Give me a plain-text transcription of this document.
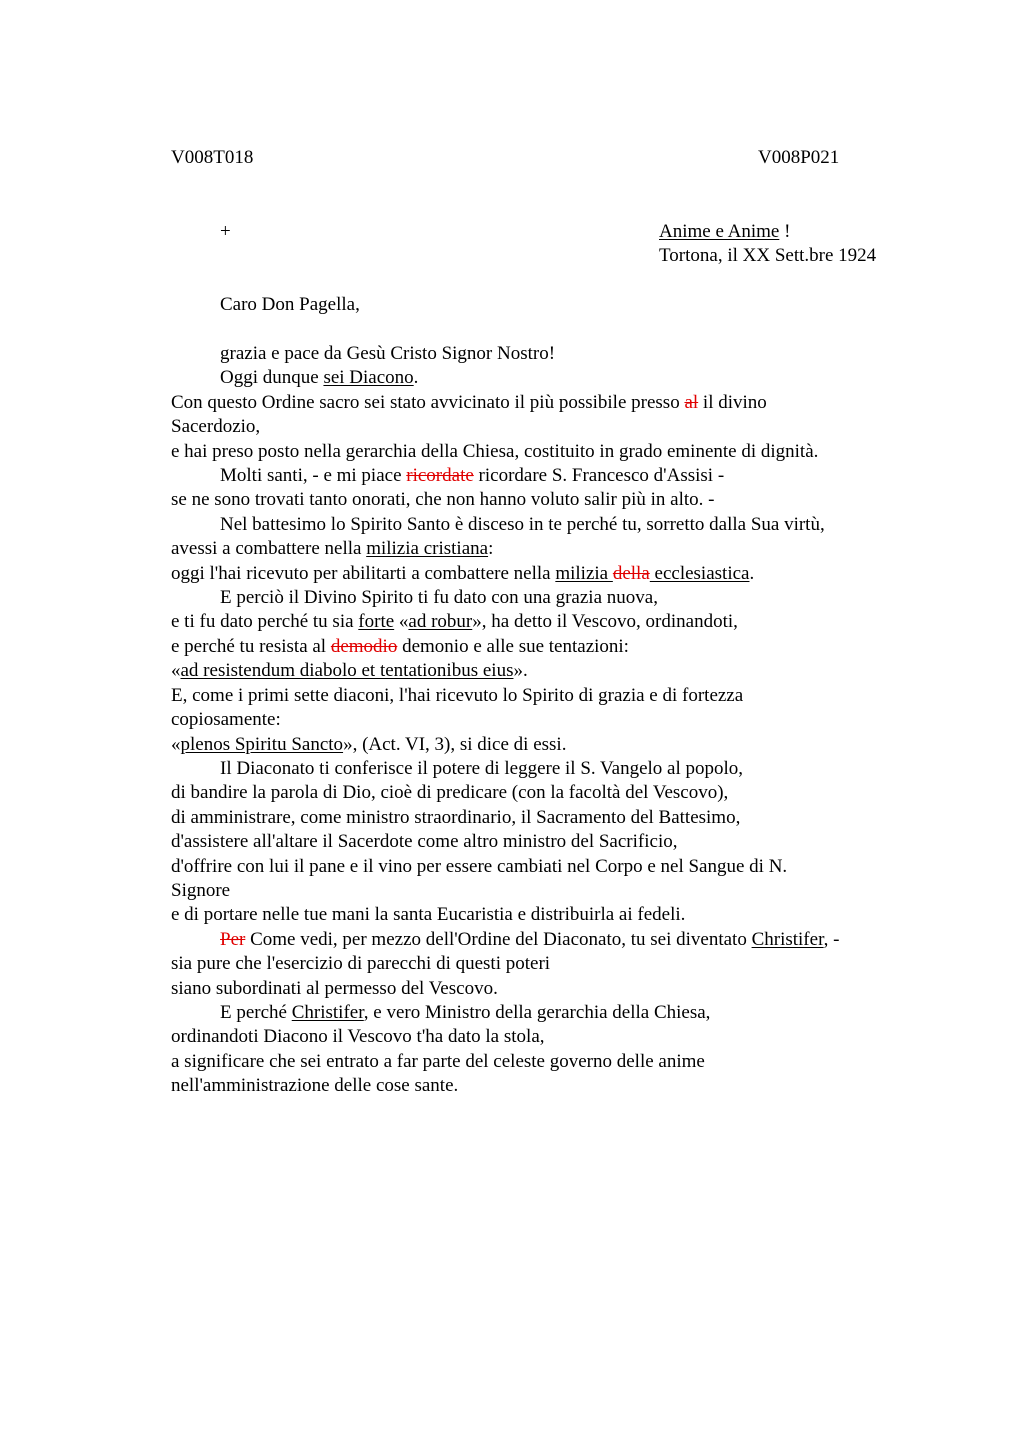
V008T018	V008P021
+	Anime e Anime !
Tortona, il XX Sett.bre 1924
Caro Don Pagella,

grazia e pace da Gesù Cristo Signor Nostro!

Oggi dunque sei Diacono.

Con questo Ordine sacro sei stato avvicinato il più possibile presso al il divino

Sacerdozio,

e hai preso posto nella gerarchia della Chiesa, costituito in grado eminente di dignità.

Molti santi, - e mi piace ricordate ricordare S. Francesco d'Assisi -

se ne sono trovati tanto onorati, che non hanno voluto salir più in alto. -

Nel battesimo lo Spirito Santo è disceso in te perché tu, sorretto dalla Sua virtù,

avessi a combattere nella milizia cristiana:

oggi l'hai ricevuto per abilitarti a combattere nella milizia della ecclesiastica.

E perciò il Divino Spirito ti fu dato con una grazia nuova,

e ti fu dato perché tu sia forte «ad robur», ha detto il Vescovo, ordinandoti,

e perché tu resista al demodio demonio e alle sue tentazioni:

«ad resistendum diabolo et tentationibus eius».

E, come i primi sette diaconi, l'hai ricevuto lo Spirito di grazia e di fortezza

copiosamente:

«plenos Spiritu Sancto», (Act. VI, 3), si dice di essi.

Il Diaconato ti conferisce il potere di leggere il S. Vangelo al popolo,

di bandire la parola di Dio, cioè di predicare (con la facoltà del Vescovo),

di amministrare, come ministro straordinario, il Sacramento del Battesimo,

d'assistere all'altare il Sacerdote come altro ministro del Sacrificio,

d'offrire con lui il pane e il vino per essere cambiati nel Corpo e nel Sangue di N.

Signore

e di portare nelle tue mani la santa Eucaristia e distribuirla ai fedeli.

Per Come vedi, per mezzo dell'Ordine del Diaconato, tu sei diventato Christifer, -

sia pure che l'esercizio di parecchi di questi poteri

siano subordinati al permesso del Vescovo.

E perché Christifer, e vero Ministro della gerarchia della Chiesa,

ordinandoti Diacono il Vescovo t'ha dato la stola,

a significare che sei entrato a far parte del celeste governo delle anime

nell'amministrazione delle cose sante.
